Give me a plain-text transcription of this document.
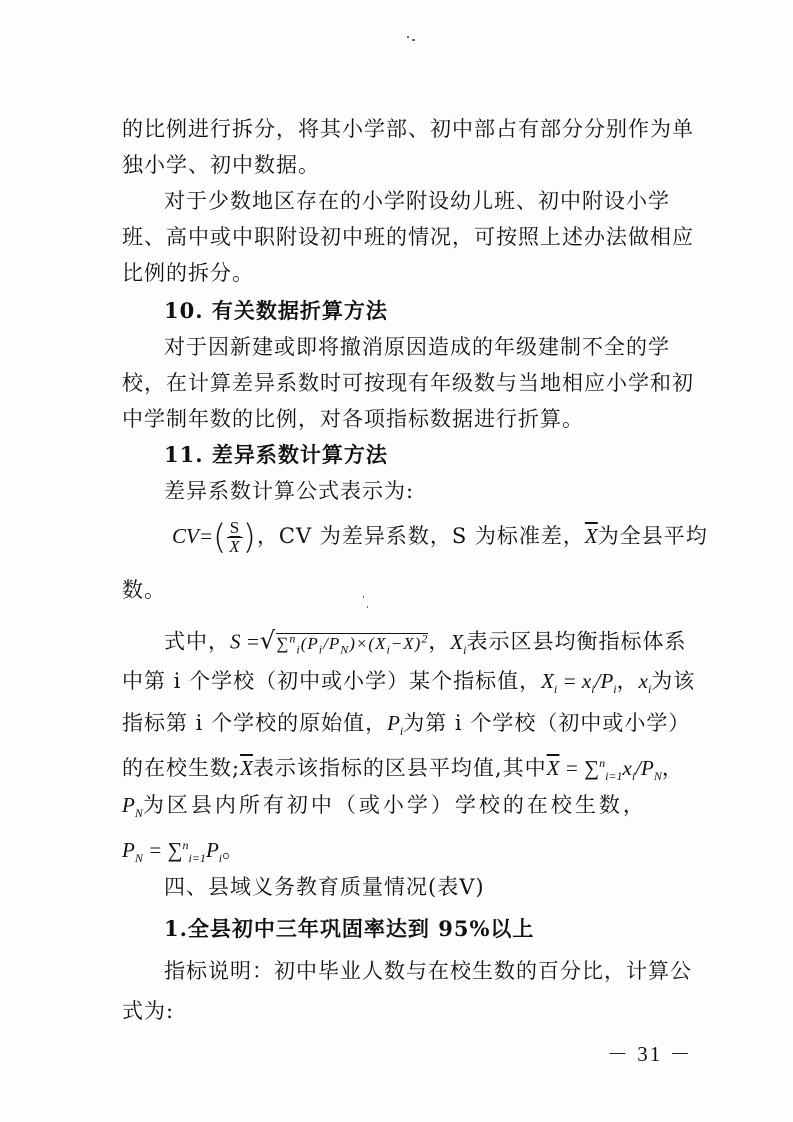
的比例进行拆分，将其小学部、初中部占有部分分别作为单
独小学、初中数据。
对于少数地区存在的小学附设幼儿班、初中附设小学
班、高中或中职附设初中班的情况，可按照上述办法做相应
比例的拆分。
10. 有关数据折算方法
对于因新建或即将撤消原因造成的年级建制不全的学
校，在计算差异系数时可按现有年级数与当地相应小学和初
中学制年数的比例，对各项指标数据进行折算。
11. 差异系数计算方法
差异系数计算公式表示为:
$CV=( \frac{S}{X}$ )，CV 为差异系数，S 为标准差，$\overline{X}$为全县平均
数。
式中，$S =√\sum^n_i(P_i/P_N)\times(X_i-\overline{X})^2$，$X_i$表示区县均衡指标体系
中第 i 个学校（初中或小学）某个指标值，$X_i = x_i/P_i$，$x_i$为该
指标第 i 个学校的原始值，$P_i$为第 i 个学校（初中或小学）
的在校生数$;\overline{X}$表示该指标的区县平均值,其中$\overline{X} = \sum^n_{i=1}x_i/P_N$，
$P_N$为区县内所有初中（或小学）学校的在校生数，
$P_N = \sum^n_{i=1}P_i$。
四、县域义务教育质量情况(表Ⅴ)
1.全县初中三年巩固率达到 95%以上
指标说明：初中毕业人数与在校生数的百分比，计算公
式为:
－ 31 －
